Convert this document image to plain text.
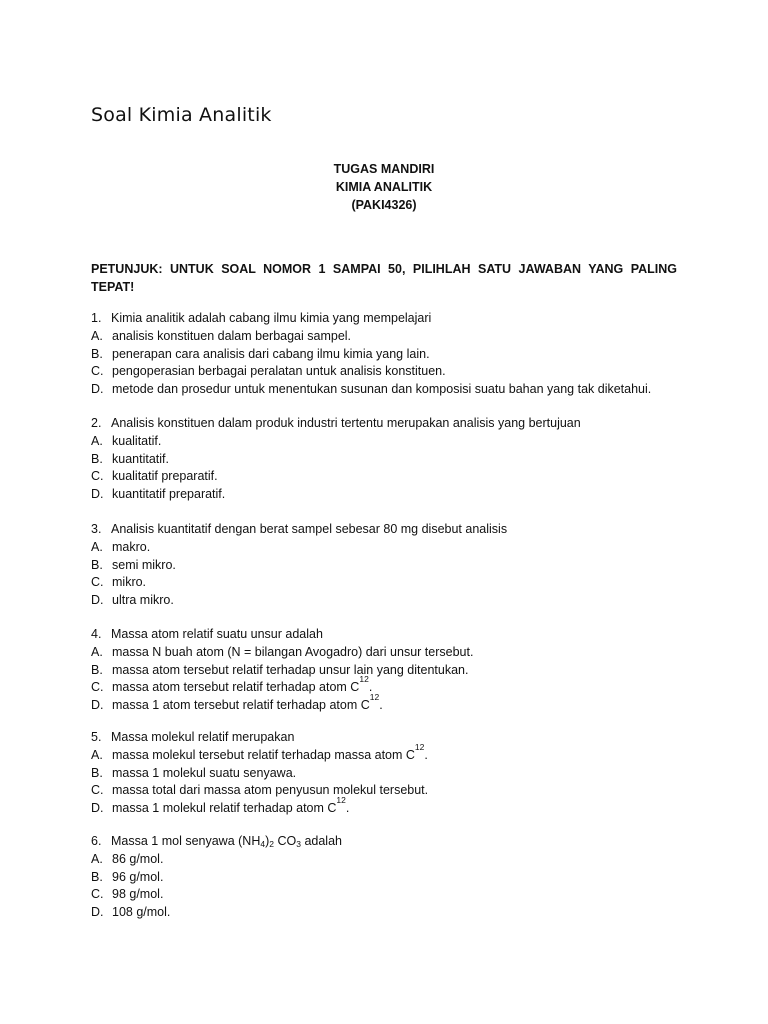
Soal Kimia Analitik
TUGAS MANDIRI
KIMIA ANALITIK
(PAKI4326)
PETUNJUK: UNTUK SOAL NOMOR 1 SAMPAI 50, PILIHLAH SATU JAWABAN YANG PALING
TEPAT!
1. Kimia analitik adalah cabang ilmu kimia yang mempelajari
A. analisis konstituen dalam berbagai sampel.
B. penerapan cara analisis dari cabang ilmu kimia yang lain.
C. pengoperasian berbagai peralatan untuk analisis konstituen.
D. metode dan prosedur untuk menentukan susunan dan komposisi suatu bahan yang tak diketahui.
2. Analisis konstituen dalam produk industri tertentu merupakan analisis yang bertujuan
A. kualitatif.
B. kuantitatif.
C. kualitatif preparatif.
D. kuantitatif preparatif.
3. Analisis kuantitatif dengan berat sampel sebesar 80 mg disebut analisis
A. makro.
B. semi mikro.
C. mikro.
D. ultra mikro.
4. Massa atom relatif suatu unsur adalah
A. massa N buah atom (N = bilangan Avogadro) dari unsur tersebut.
B. massa atom tersebut relatif terhadap unsur lain yang ditentukan.
C. massa atom tersebut relatif terhadap atom C
12
.
D. massa 1 atom tersebut relatif terhadap atom C
12
.
5. Massa molekul relatif merupakan
A. massa molekul tersebut relatif terhadap massa atom C
12
.
B. massa 1 molekul suatu senyawa.
C. massa total dari massa atom penyusun molekul tersebut.
D. massa 1 molekul relatif terhadap atom C
12
.
6. Massa 1 mol senyawa $(NH_4)_2$ $CO_3$ adalah
A. 86 g/mol.
B. 96 g/mol.
C. 98 g/mol.
D. 108 g/mol.
